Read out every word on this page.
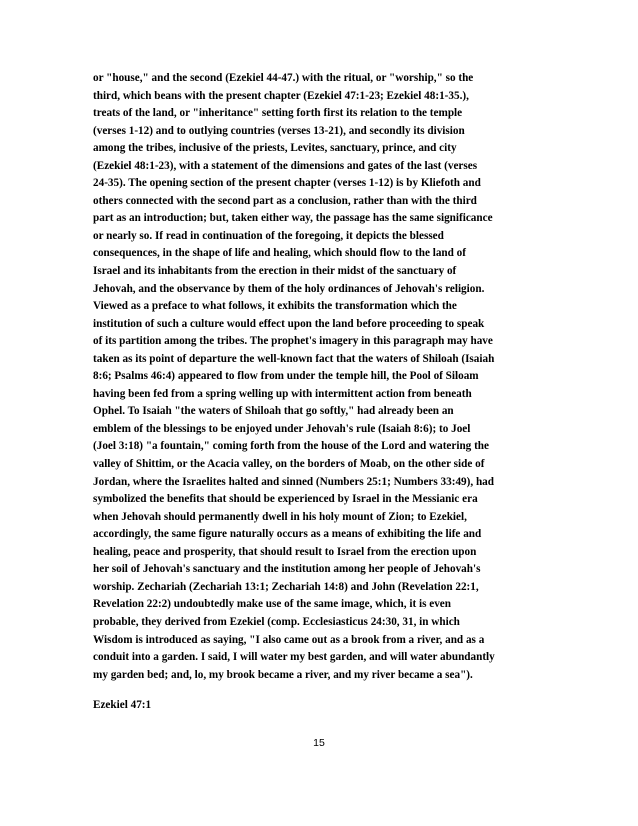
or "house," and the second (Ezekiel 44-47.) with the ritual, or "worship," so the
third, which beans with the present chapter (Ezekiel 47:1-23; Ezekiel 48:1-35.),
treats of the land, or "inheritance" setting forth first its relation to the temple
(verses 1-12) and to outlying countries (verses 13-21), and secondly its division
among the tribes, inclusive of the priests, Levites, sanctuary, prince, and city
(Ezekiel 48:1-23), with a statement of the dimensions and gates of the last (verses
24-35). The opening section of the present chapter (verses 1-12) is by Kliefoth and
others connected with the second part as a conclusion, rather than with the third
part as an introduction; but, taken either way, the passage has the same significance
or nearly so. If read in continuation of the foregoing, it depicts the blessed
consequences, in the shape of life and healing, which should flow to the land of
Israel and its inhabitants from the erection in their midst of the sanctuary of
Jehovah, and the observance by them of the holy ordinances of Jehovah's religion.
Viewed as a preface to what follows, it exhibits the transformation which the
institution of such a culture would effect upon the land before proceeding to speak
of its partition among the tribes. The prophet's imagery in this paragraph may have
taken as its point of departure the well-known fact that the waters of Shiloah (Isaiah
8:6; Psalms 46:4) appeared to flow from under the temple hill, the Pool of Siloam
having been fed from a spring welling up with intermittent action from beneath
Ophel. To Isaiah "the waters of Shiloah that go softly," had already been an
emblem of the blessings to be enjoyed under Jehovah's rule (Isaiah 8:6); to Joel
(Joel 3:18) "a fountain," coming forth from the house of the Lord and watering the
valley of Shittim, or the Acacia valley, on the borders of Moab, on the other side of
Jordan, where the Israelites halted and sinned (Numbers 25:1; Numbers 33:49), had
symbolized the benefits that should be experienced by Israel in the Messianic era
when Jehovah should permanently dwell in his holy mount of Zion; to Ezekiel,
accordingly, the same figure naturally occurs as a means of exhibiting the life and
healing, peace and prosperity, that should result to Israel from the erection upon
her soil of Jehovah's sanctuary and the institution among her people of Jehovah's
worship. Zechariah (Zechariah 13:1; Zechariah 14:8) and John (Revelation 22:1,
Revelation 22:2) undoubtedly make use of the same image, which, it is even
probable, they derived from Ezekiel (comp. Ecclesiasticus 24:30, 31, in which
Wisdom is introduced as saying, "I also came out as a brook from a river, and as a
conduit into a garden. I said, I will water my best garden, and will water abundantly
my garden bed; and, lo, my brook became a river, and my river became a sea").

Ezekiel 47:1

15
